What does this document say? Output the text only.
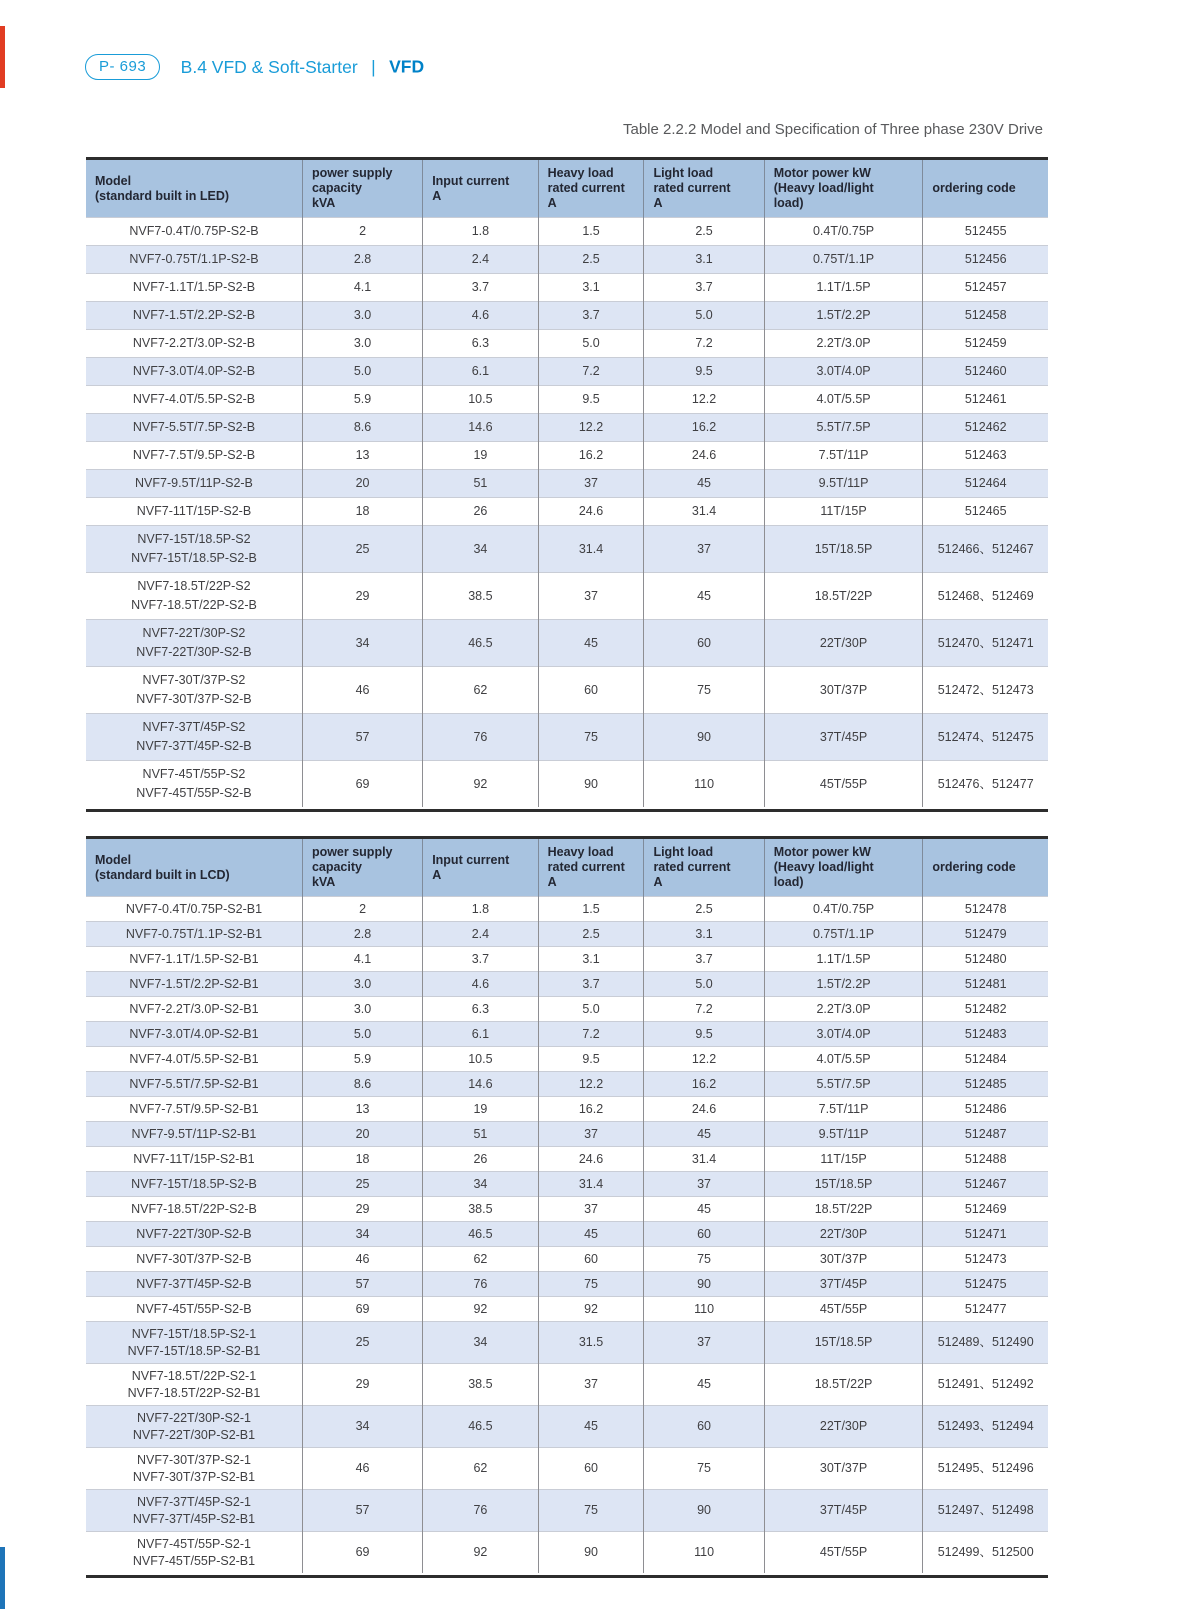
P- 693 B.4 VFD & Soft-Starter | VFD
Table 2.2.2 Model and Specification of Three phase 230V Drive
Model
(standard built in LED)

power supply
capacity
kVA

Input current
A

Heavy load
rated current
A

Light load
rated current
A

Motor power kW
(Heavy load/light
load)

ordering code

NVF7-0.4T/0.75P-S2-B	2	1.8	1.5	2.5	0.4T/0.75P	512455

NVF7-0.75T/1.1P-S2-B	2.8	2.4	2.5	3.1	0.75T/1.1P	512456

NVF7-1.1T/1.5P-S2-B	4.1	3.7	3.1	3.7	1.1T/1.5P	512457

NVF7-1.5T/2.2P-S2-B	3.0	4.6	3.7	5.0	1.5T/2.2P	512458

NVF7-2.2T/3.0P-S2-B	3.0	6.3	5.0	7.2	2.2T/3.0P	512459

NVF7-3.0T/4.0P-S2-B	5.0	6.1	7.2	9.5	3.0T/4.0P	512460

NVF7-4.0T/5.5P-S2-B	5.9	10.5	9.5	12.2	4.0T/5.5P	512461

NVF7-5.5T/7.5P-S2-B	8.6	14.6	12.2	16.2	5.5T/7.5P	512462

NVF7-7.5T/9.5P-S2-B	13	19	16.2	24.6	7.5T/11P	512463

NVF7-9.5T/11P-S2-B	20	51	37	45	9.5T/11P	512464

NVF7-11T/15P-S2-B	18	26	24.6	31.4	11T/15P	512465

NVF7-15T/18.5P-S2
NVF7-15T/18.5P-S2-B	25	34	31.4	37	15T/18.5P	512466、512467

NVF7-18.5T/22P-S2
NVF7-18.5T/22P-S2-B	29	38.5	37	45	18.5T/22P	512468、512469

NVF7-22T/30P-S2
NVF7-22T/30P-S2-B	34	46.5	45	60	22T/30P	512470、512471

NVF7-30T/37P-S2
NVF7-30T/37P-S2-B	46	62	60	75	30T/37P	512472、512473

NVF7-37T/45P-S2
NVF7-37T/45P-S2-B	57	76	75	90	37T/45P	512474、512475

NVF7-45T/55P-S2
NVF7-45T/55P-S2-B	69	92	90	110	45T/55P	512476、512477
Model
(standard built in LCD)

power supply
capacity
kVA

Input current
A

Heavy load
rated current
A

Light load
rated current
A

Motor power kW
(Heavy load/light
load)

ordering code

NVF7-0.4T/0.75P-S2-B1	2	1.8	1.5	2.5	0.4T/0.75P	512478

NVF7-0.75T/1.1P-S2-B1	2.8	2.4	2.5	3.1	0.75T/1.1P	512479

NVF7-1.1T/1.5P-S2-B1	4.1	3.7	3.1	3.7	1.1T/1.5P	512480

NVF7-1.5T/2.2P-S2-B1	3.0	4.6	3.7	5.0	1.5T/2.2P	512481

NVF7-2.2T/3.0P-S2-B1	3.0	6.3	5.0	7.2	2.2T/3.0P	512482

NVF7-3.0T/4.0P-S2-B1	5.0	6.1	7.2	9.5	3.0T/4.0P	512483

NVF7-4.0T/5.5P-S2-B1	5.9	10.5	9.5	12.2	4.0T/5.5P	512484

NVF7-5.5T/7.5P-S2-B1	8.6	14.6	12.2	16.2	5.5T/7.5P	512485

NVF7-7.5T/9.5P-S2-B1	13	19	16.2	24.6	7.5T/11P	512486

NVF7-9.5T/11P-S2-B1	20	51	37	45	9.5T/11P	512487

NVF7-11T/15P-S2-B1	18	26	24.6	31.4	11T/15P	512488

NVF7-15T/18.5P-S2-B	25	34	31.4	37	15T/18.5P	512467

NVF7-18.5T/22P-S2-B	29	38.5	37	45	18.5T/22P	512469

NVF7-22T/30P-S2-B	34	46.5	45	60	22T/30P	512471

NVF7-30T/37P-S2-B	46	62	60	75	30T/37P	512473

NVF7-37T/45P-S2-B	57	76	75	90	37T/45P	512475

NVF7-45T/55P-S2-B	69	92	92	110	45T/55P	512477

NVF7-15T/18.5P-S2-1
NVF7-15T/18.5P-S2-B1	25	34	31.5	37	15T/18.5P	512489、512490

NVF7-18.5T/22P-S2-1
NVF7-18.5T/22P-S2-B1	29	38.5	37	45	18.5T/22P	512491、512492

NVF7-22T/30P-S2-1
NVF7-22T/30P-S2-B1	34	46.5	45	60	22T/30P	512493、512494

NVF7-30T/37P-S2-1
NVF7-30T/37P-S2-B1	46	62	60	75	30T/37P	512495、512496

NVF7-37T/45P-S2-1
NVF7-37T/45P-S2-B1	57	76	75	90	37T/45P	512497、512498

NVF7-45T/55P-S2-1
NVF7-45T/55P-S2-B1	69	92	90	110	45T/55P	512499、512500
